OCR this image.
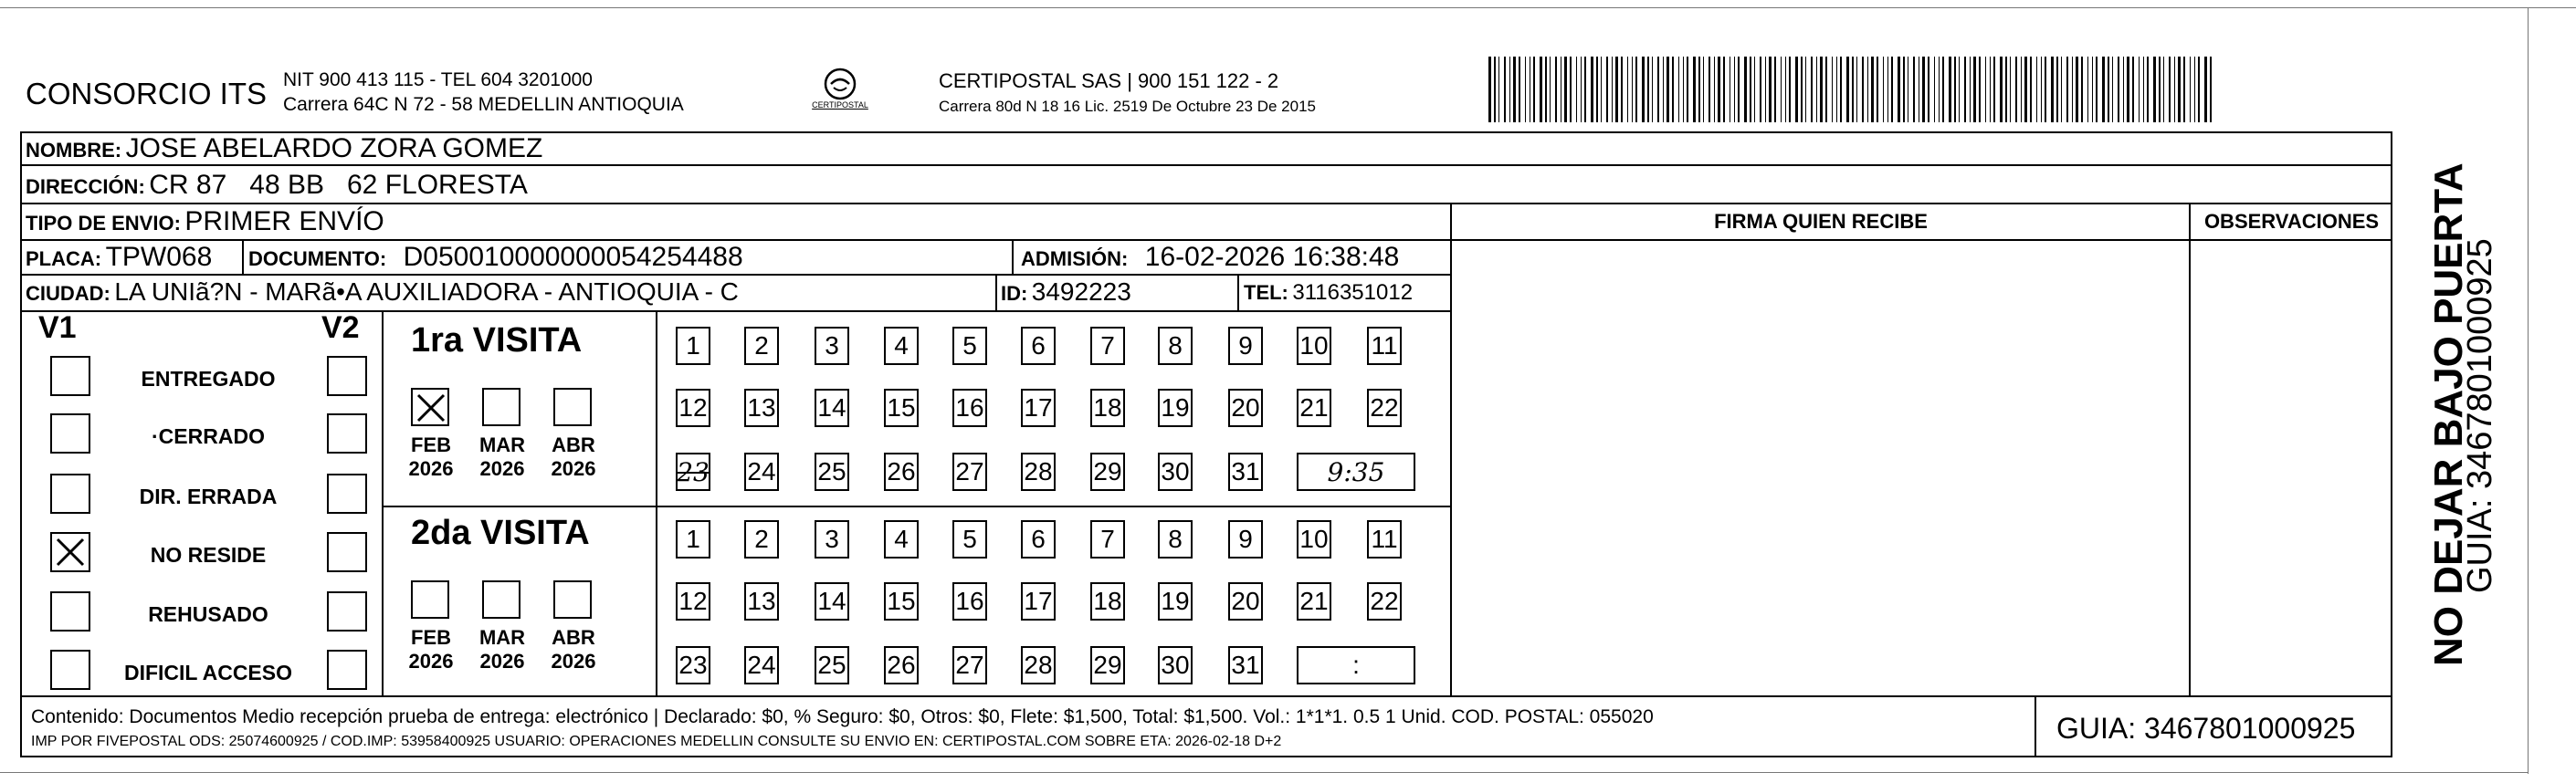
CONSORCIO ITS NIT 900 413 115 - TEL 604 3201000
Carrera 64C N 72 - 58 MEDELLIN ANTIOQUIA	CERTIPOSTAL
CERTIPOSTAL SAS | 900 151 122 - 2
Carrera 80d N 18 16 Lic. 2519 De Octubre 23 De 2015
NOMBRE: JOSE ABELARDO ZORA GOMEZ
DIRECCIÓN: CR 87   48 BB   62 FLORESTA
TIPO DE ENVIO: PRIMER ENVÍO	FIRMA QUIEN RECIBE	OBSERVACIONES
PLACA: TPW068 DOCUMENTO: D050010000000054254488	ADMISIÓN: 16-02-2026 16:38:48
CIUDAD: LA UNIã?N - MARã•A AUXILIADORA - ANTIOQUIA - C	ID: 3492223	TEL: 3116351012
V1	V2
ENTREGADO
·CERRADO
DIR. ERRADA
NO RESIDE
REHUSADO
DIFICIL ACCESO
1ra VISITA
2da VISITA
FEB
2026
MAR
2026
ABR
2026
FEB
2026
MAR
2026
ABR
2026
1	2	3	4	5	6	7	8	9	10 11
12 13 14 15 16 17 18 19 20 21 22
23 24 25 26 27 28 29 30 31	9:35
1	2	3	4	5	6	7	8	9	10 11
12 13 14 15 16 17 18 19 20 21 22
23 24 25 26 27 28 29 30 31	:
Contenido: Documentos Medio recepción prueba de entrega: electrónico | Declarado: $0, % Seguro: $0, Otros: $0, Flete: $1,500, Total: $1,500. Vol.: 1*1*1. 0.5 1 Unid. COD. POSTAL: 055020
IMP POR FIVEPOSTAL ODS: 25074600925 / COD.IMP: 53958400925 USUARIO: OPERACIONES MEDELLIN CONSULTE SU ENVIO EN: CERTIPOSTAL.COM SOBRE ETA: 2026-02-18 D+2	GUIA: 3467801000925
NO DEJAR BAJO PUERTA
GUIA: 3467801000925
